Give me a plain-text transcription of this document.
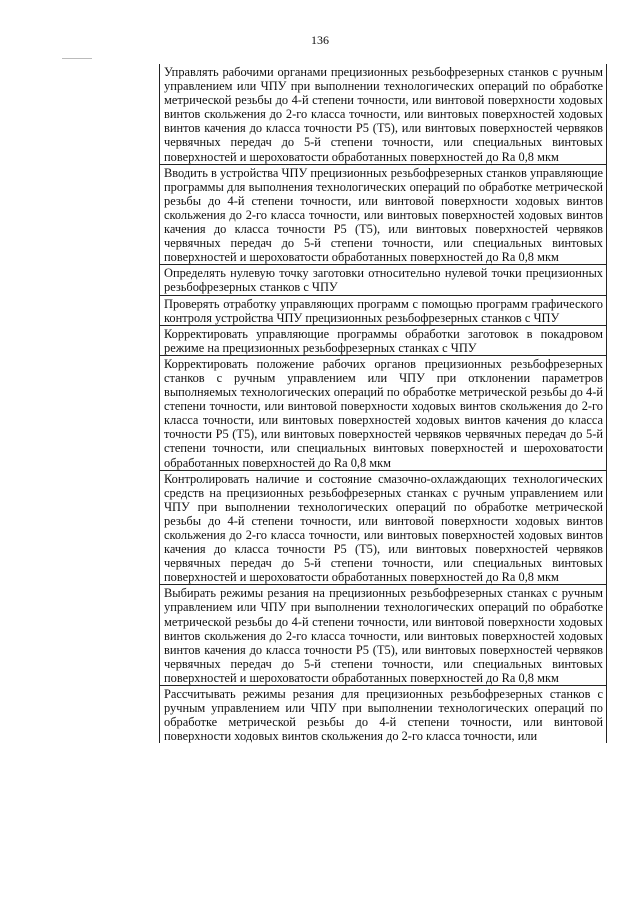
136
Управлять рабочими органами прецизионных резьбофрезерных станков с ручным управлением или ЧПУ при выполнении технологических операций по обработке метрической резьбы до 4-й степени точности, или винтовой поверхности ходовых винтов скольжения до 2-го класса точности, или винтовых поверхностей ходовых винтов качения до класса точности Р5 (Т5), или винтовых поверхностей червяков червячных передач до 5-й степени точности, или специальных винтовых поверхностей и шероховатости обработанных поверхностей до Ra 0,8 мкм
Вводить в устройства ЧПУ прецизионных резьбофрезерных станков управляющие программы для выполнения технологических операций по обработке метрической резьбы до 4-й степени точности, или винтовой поверхности ходовых винтов скольжения до 2-го класса точности, или винтовых поверхностей ходовых винтов качения до класса точности Р5 (Т5), или винтовых поверхностей червяков червячных передач до 5-й степени точности, или специальных винтовых поверхностей и шероховатости обработанных поверхностей до Ra 0,8 мкм
Определять нулевую точку заготовки относительно нулевой точки прецизионных резьбофрезерных станков с ЧПУ
Проверять отработку управляющих программ с помощью программ графического контроля устройства ЧПУ прецизионных резьбофрезерных станков с ЧПУ
Корректировать управляющие программы обработки заготовок в покадровом режиме на прецизионных резьбофрезерных станках с ЧПУ
Корректировать положение рабочих органов прецизионных резьбофрезерных станков с ручным управлением или ЧПУ при отклонении параметров выполняемых технологических операций по обработке метрической резьбы до 4-й степени точности, или винтовой поверхности ходовых винтов скольжения до 2-го класса точности, или винтовых поверхностей ходовых винтов качения до класса точности Р5 (Т5), или винтовых поверхностей червяков червячных передач до 5-й степени точности, или специальных винтовых поверхностей и шероховатости обработанных поверхностей до Ra 0,8 мкм
Контролировать наличие и состояние смазочно-охлаждающих технологических средств на прецизионных резьбофрезерных станках с ручным управлением или ЧПУ при выполнении технологических операций по обработке метрической резьбы до 4-й степени точности, или винтовой поверхности ходовых винтов скольжения до 2-го класса точности, или винтовых поверхностей ходовых винтов качения до класса точности Р5 (Т5), или винтовых поверхностей червяков червячных передач до 5-й степени точности, или специальных винтовых поверхностей и шероховатости обработанных поверхностей до Ra 0,8 мкм
Выбирать режимы резания на прецизионных резьбофрезерных станках с ручным управлением или ЧПУ при выполнении технологических операций по обработке метрической резьбы до 4-й степени точности, или винтовой поверхности ходовых винтов скольжения до 2-го класса точности, или винтовых поверхностей ходовых винтов качения до класса точности Р5 (Т5), или винтовых поверхностей червяков червячных передач до 5-й степени точности, или специальных винтовых поверхностей и шероховатости обработанных поверхностей до Ra 0,8 мкм
Рассчитывать режимы резания для прецизионных резьбофрезерных станков с ручным управлением или ЧПУ при выполнении технологических операций по обработке метрической резьбы до 4-й степени точности, или винтовой поверхности ходовых винтов скольжения до 2-го класса точности, или
